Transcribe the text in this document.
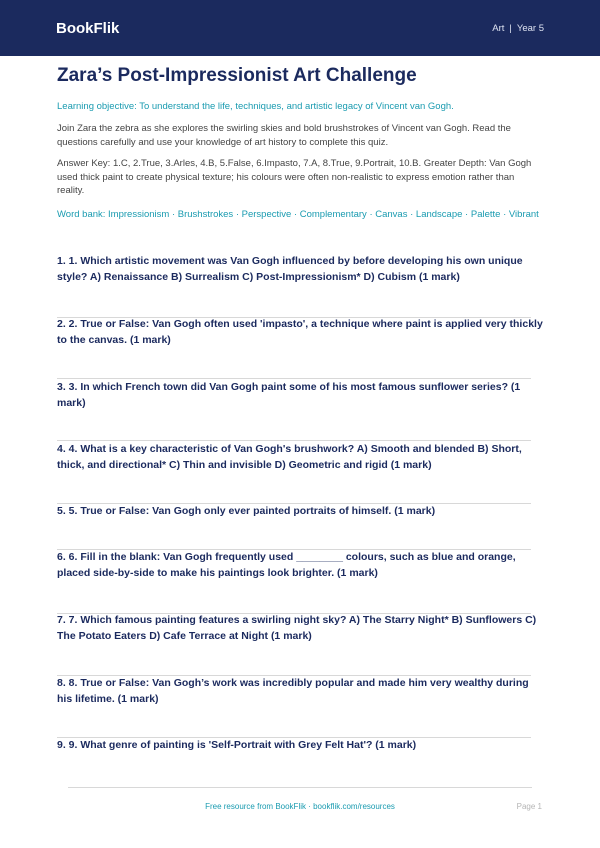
BookFlik	Art | Year 5
Zara’s Post-Impressionist Art Challenge

Learning objective: To understand the life, techniques, and artistic legacy of Vincent van Gogh.

Join Zara the zebra as she explores the swirling skies and bold brushstrokes of Vincent van Gogh. Read the questions carefully and use your knowledge of art history to complete this quiz.

Answer Key: 1.C, 2.True, 3.Arles, 4.B, 5.False, 6.Impasto, 7.A, 8.True, 9.Portrait, 10.B. Greater Depth: Van Gogh used thick paint to create physical texture; his colours were often non-realistic to express emotion rather than reality.

Word bank: Impressionism · Brushstrokes · Perspective · Complementary · Canvas · Landscape · Palette · Vibrant

1. 1. Which artistic movement was Van Gogh influenced by before developing his own unique style? A) Renaissance B) Surrealism C) Post-Impressionism* D) Cubism (1 mark)
2. 2. True or False: Van Gogh often used 'impasto', a technique where paint is applied very thickly to the canvas. (1 mark)
3. 3. In which French town did Van Gogh paint some of his most famous sunflower series? (1 mark)
4. 4. What is a key characteristic of Van Gogh's brushwork? A) Smooth and blended B) Short, thick, and directional* C) Thin and invisible D) Geometric and rigid (1 mark)
5. 5. True or False: Van Gogh only ever painted portraits of himself. (1 mark)
6. 6. Fill in the blank: Van Gogh frequently used ________ colours, such as blue and orange, placed side-by-side to make his paintings look brighter. (1 mark)
7. 7. Which famous painting features a swirling night sky? A) The Starry Night* B) Sunflowers C) The Potato Eaters D) Cafe Terrace at Night (1 mark)
8. 8. True or False: Van Gogh’s work was incredibly popular and made him very wealthy during his lifetime. (1 mark)
9. 9. What genre of painting is 'Self-Portrait with Grey Felt Hat'? (1 mark)
Free resource from BookFlik · bookflik.com/resources	Page 1
